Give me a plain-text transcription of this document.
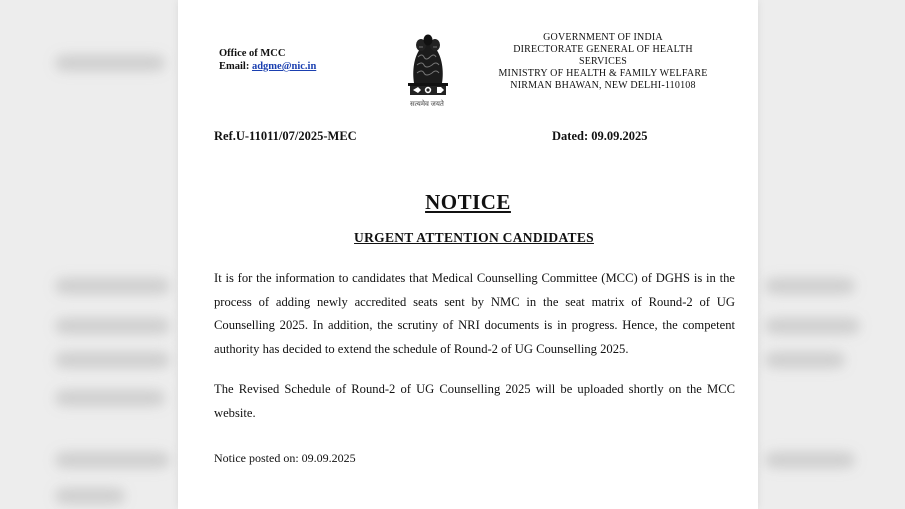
Office of MCC
Email: adgme@nic.in
सत्यमेव जयते
GOVERNMENT OF INDIA
DIRECTORATE GENERAL OF HEALTH SERVICES
MINISTRY OF HEALTH & FAMILY WELFARE
NIRMAN BHAWAN, NEW DELHI-110108
Ref.U-11011/07/2025-MEC	Dated: 09.09.2025
NOTICE
URGENT ATTENTION CANDIDATES

It is for the information to candidates that Medical Counselling Committee (MCC) of DGHS is in the process of adding newly accredited seats sent by NMC in the seat matrix of Round-2 of UG Counselling 2025. In addition, the scrutiny of NRI documents is in progress. Hence, the competent authority has decided to extend the schedule of Round-2 of UG Counselling 2025.

The Revised Schedule of Round-2 of UG Counselling 2025 will be uploaded shortly on the MCC website.

Notice posted on: 09.09.2025
